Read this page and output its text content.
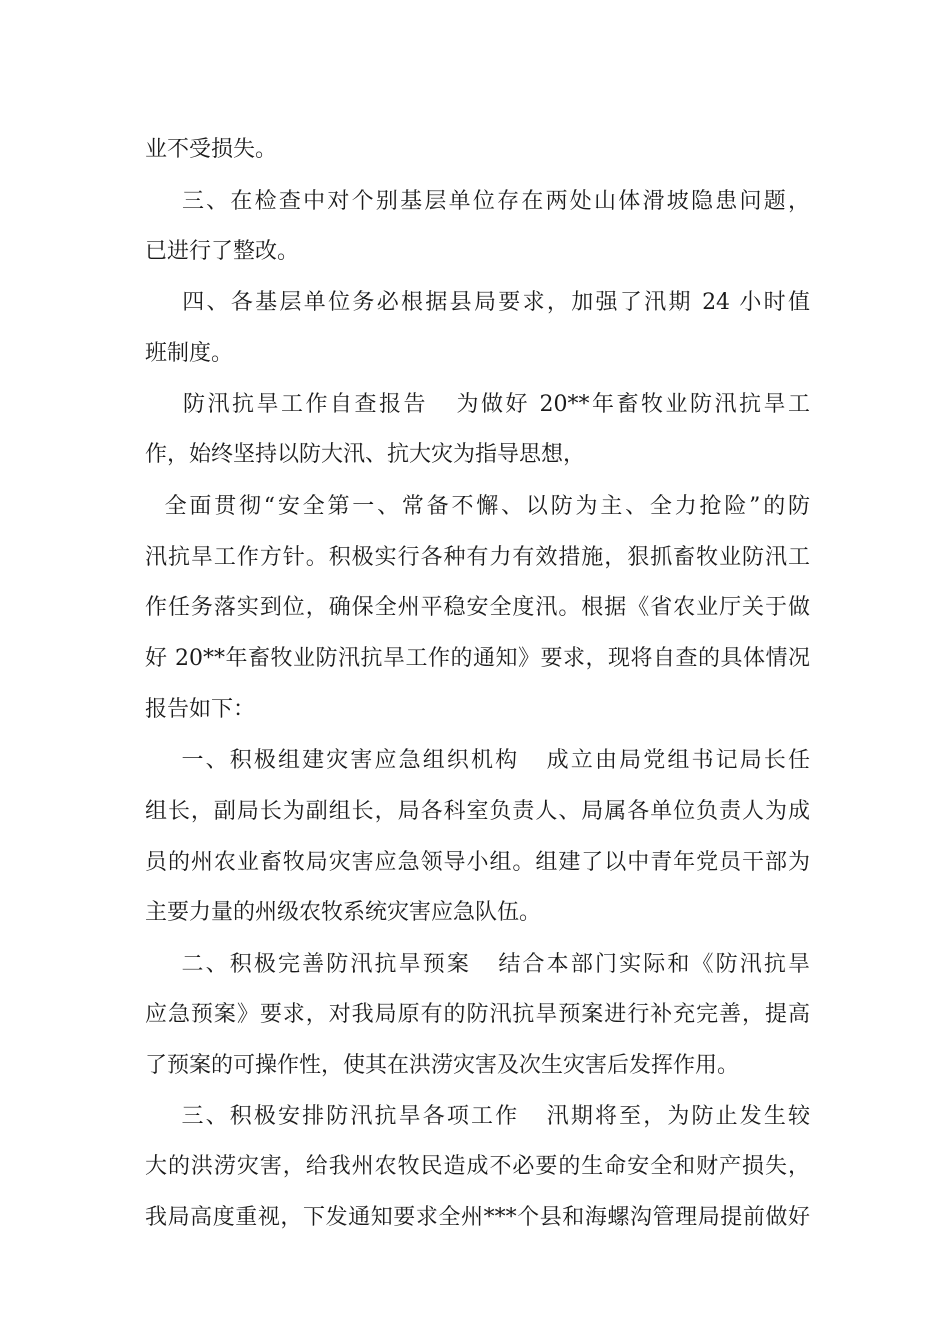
业不受损失。
三、在检查中对个别基层单位存在两处山体滑坡隐患问题，
已进行了整改。
四、各基层单位务必根据县局要求，加强了汛期 24 小时值
班制度。
防汛抗旱工作自查报告   为做好 20**年畜牧业防汛抗旱工
作，始终坚持以防大汛、抗大灾为指导思想，
全面贯彻“安全第一、常备不懈、以防为主、全力抢险”的防
汛抗旱工作方针。积极实行各种有力有效措施，狠抓畜牧业防汛工
作任务落实到位，确保全州平稳安全度汛。根据《省农业厅关于做
好 20**年畜牧业防汛抗旱工作的通知》要求，现将自查的具体情况
报告如下：
一、积极组建灾害应急组织机构   成立由局党组书记局长任
组长，副局长为副组长，局各科室负责人、局属各单位负责人为成
员的州农业畜牧局灾害应急领导小组。组建了以中青年党员干部为
主要力量的州级农牧系统灾害应急队伍。
二、积极完善防汛抗旱预案   结合本部门实际和《防汛抗旱
应急预案》要求，对我局原有的防汛抗旱预案进行补充完善，提高
了预案的可操作性，使其在洪涝灾害及次生灾害后发挥作用。
三、积极安排防汛抗旱各项工作   汛期将至，为防止发生较
大的洪涝灾害，给我州农牧民造成不必要的生命安全和财产损失，
我局高度重视，下发通知要求全州***个县和海螺沟管理局提前做好
